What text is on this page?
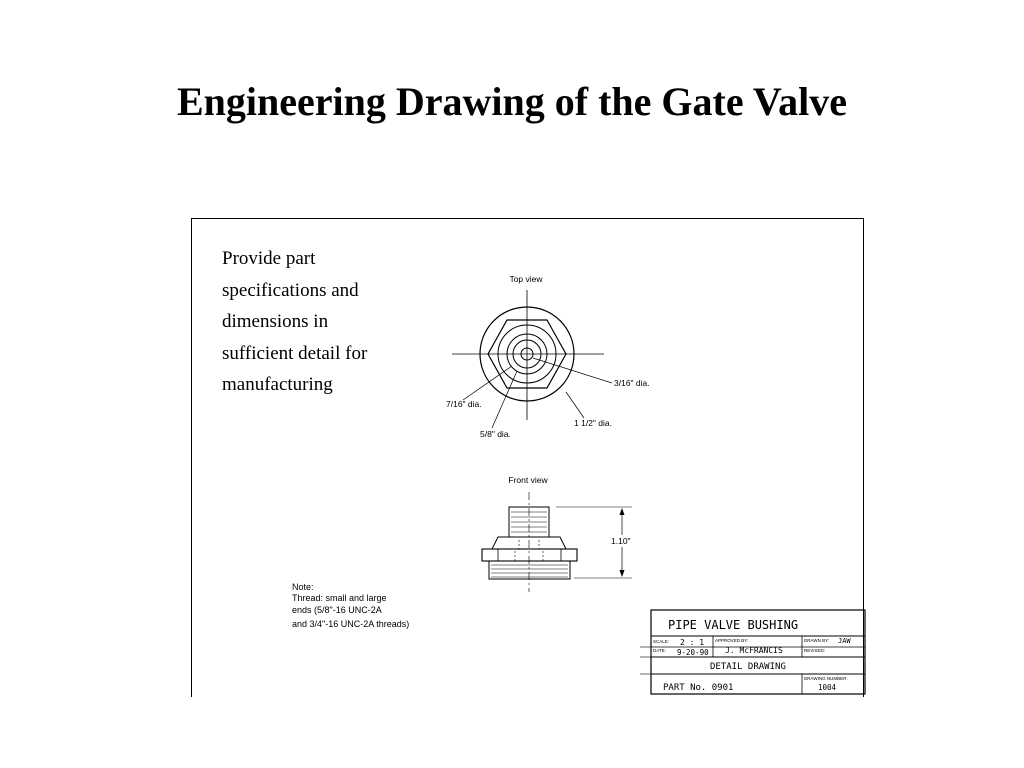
Engineering Drawing of the Gate Valve
Provide part
specifications and
dimensions in
sufficient detail for
manufacturing
Top view
3/16" dia.
7/16" dia.
5/8" dia.
1 1/2" dia.
Front view
1.10"
Note:
Thread: small and large
ends (5/8"-16 UNC-2A
and 3/4"-16 UNC-2A threads)	PIPE VALVE BUSHING
SCALE: 2 : 1 APPROVED BY:
J. McFRANCIS
DRAWN BY: JAW
DATE: 9-20-90	REVISED:
DETAIL DRAWING
PART No. 0901
DRAWING NUMBER:
1004
